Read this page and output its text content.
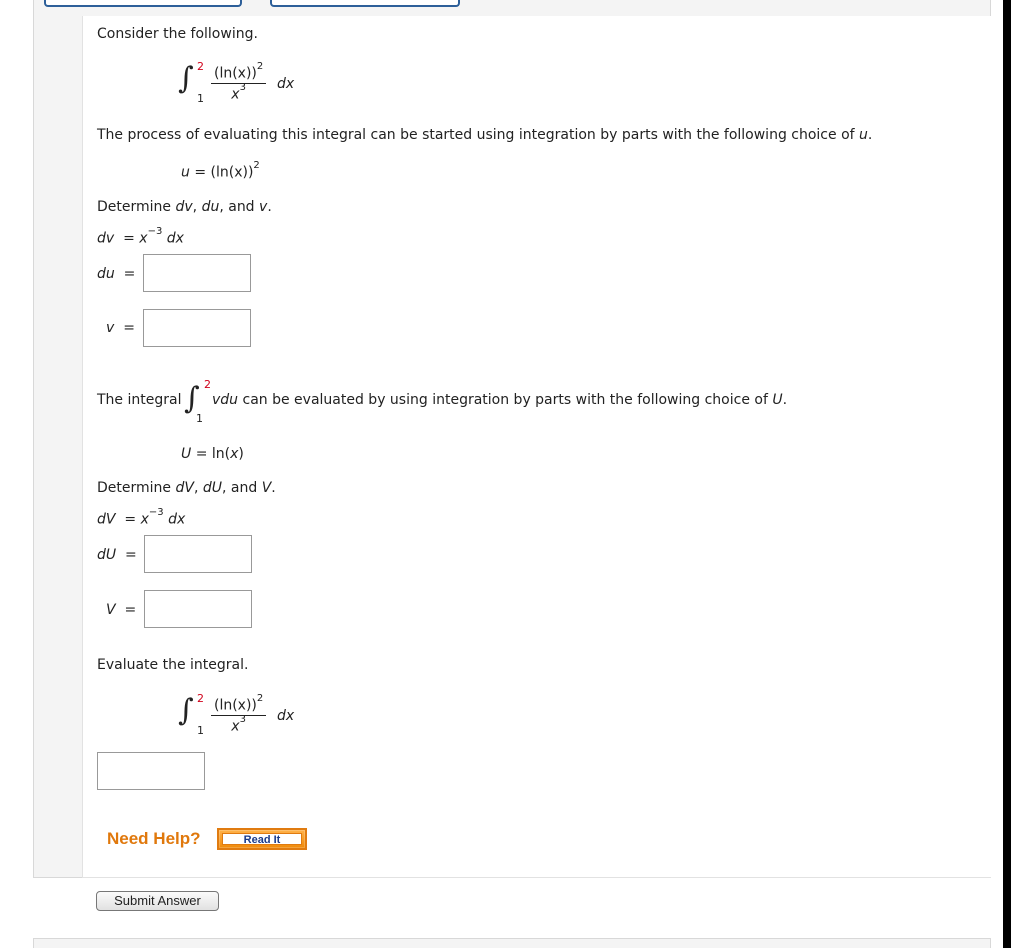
Consider the following.
∫ 2
$1 \frac{(\ln(x))^2}{x^3}$ dx
The process of evaluating this integral can be started using integration by parts with the following choice of u.
$u = (\ln(x))^2$
Determine dv, du, and v.
dv = $x^{-3}$ dx
du =
v =
The integral ∫ 2
1
vdu can be evaluated by using integration by parts with the following choice of U.
U = ln(x)
Determine dV, dU, and V.
dV = $x^{-3}$ dx
dU =
V =
Evaluate the integral.
∫ 2
$1 \frac{(\ln(x))^2}{x^3}$ dx
Need Help?	Read It
Submit Answer
